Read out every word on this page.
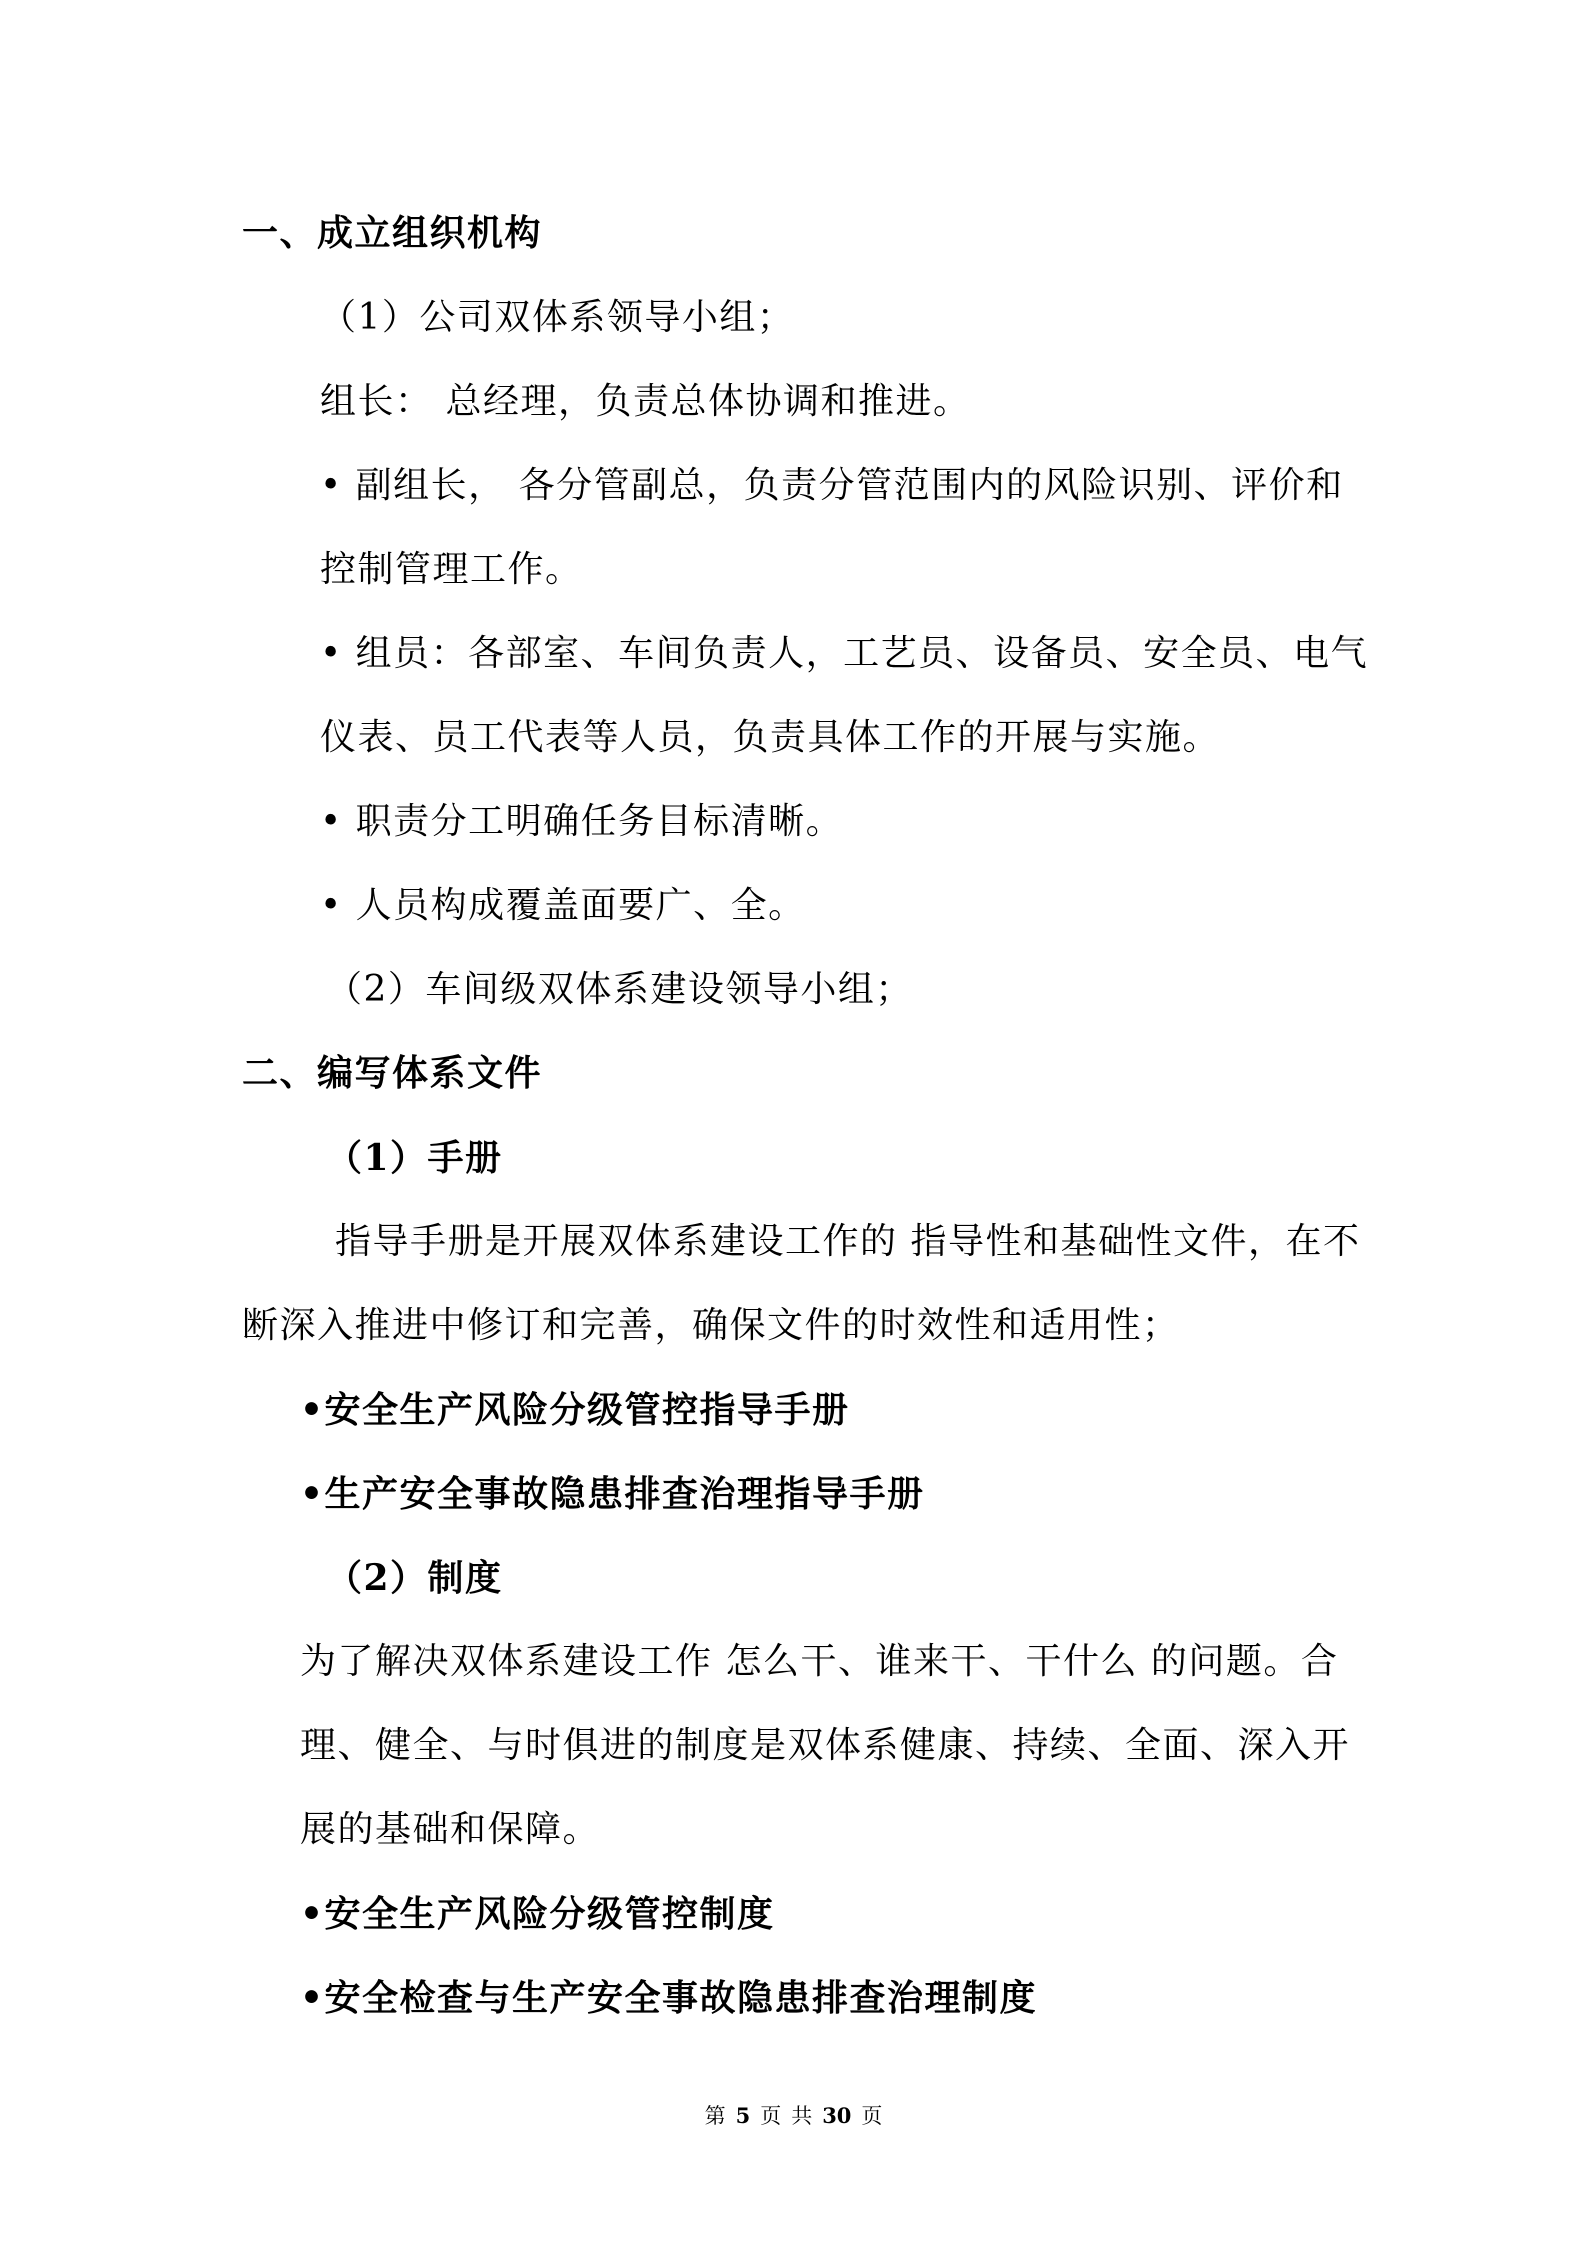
一、成立组织机构
（1）公司双体系领导小组；
组长： 总经理，负责总体协调和推进。
• 副组长， 各分管副总，负责分管范围内的风险识别、评价和
控制管理工作。
• 组员：各部室、车间负责人，工艺员、设备员、安全员、电气
仪表、员工代表等人员，负责具体工作的开展与实施。
• 职责分工明确任务目标清晰。
• 人员构成覆盖面要广、全。
（2）车间级双体系建设领导小组；
二、编写体系文件
（1）手册
指导手册是开展双体系建设工作的 指导性和基础性文件，在不
断深入推进中修订和完善，确保文件的时效性和适用性；
•安全生产风险分级管控指导手册
•生产安全事故隐患排查治理指导手册
（2）制度
为了解决双体系建设工作 怎么干、谁来干、干什么 的问题。合
理、健全、与时俱进的制度是双体系健康、持续、全面、深入开
展的基础和保障。
•安全生产风险分级管控制度
•安全检查与生产安全事故隐患排查治理制度
第 5 页 共 30 页
